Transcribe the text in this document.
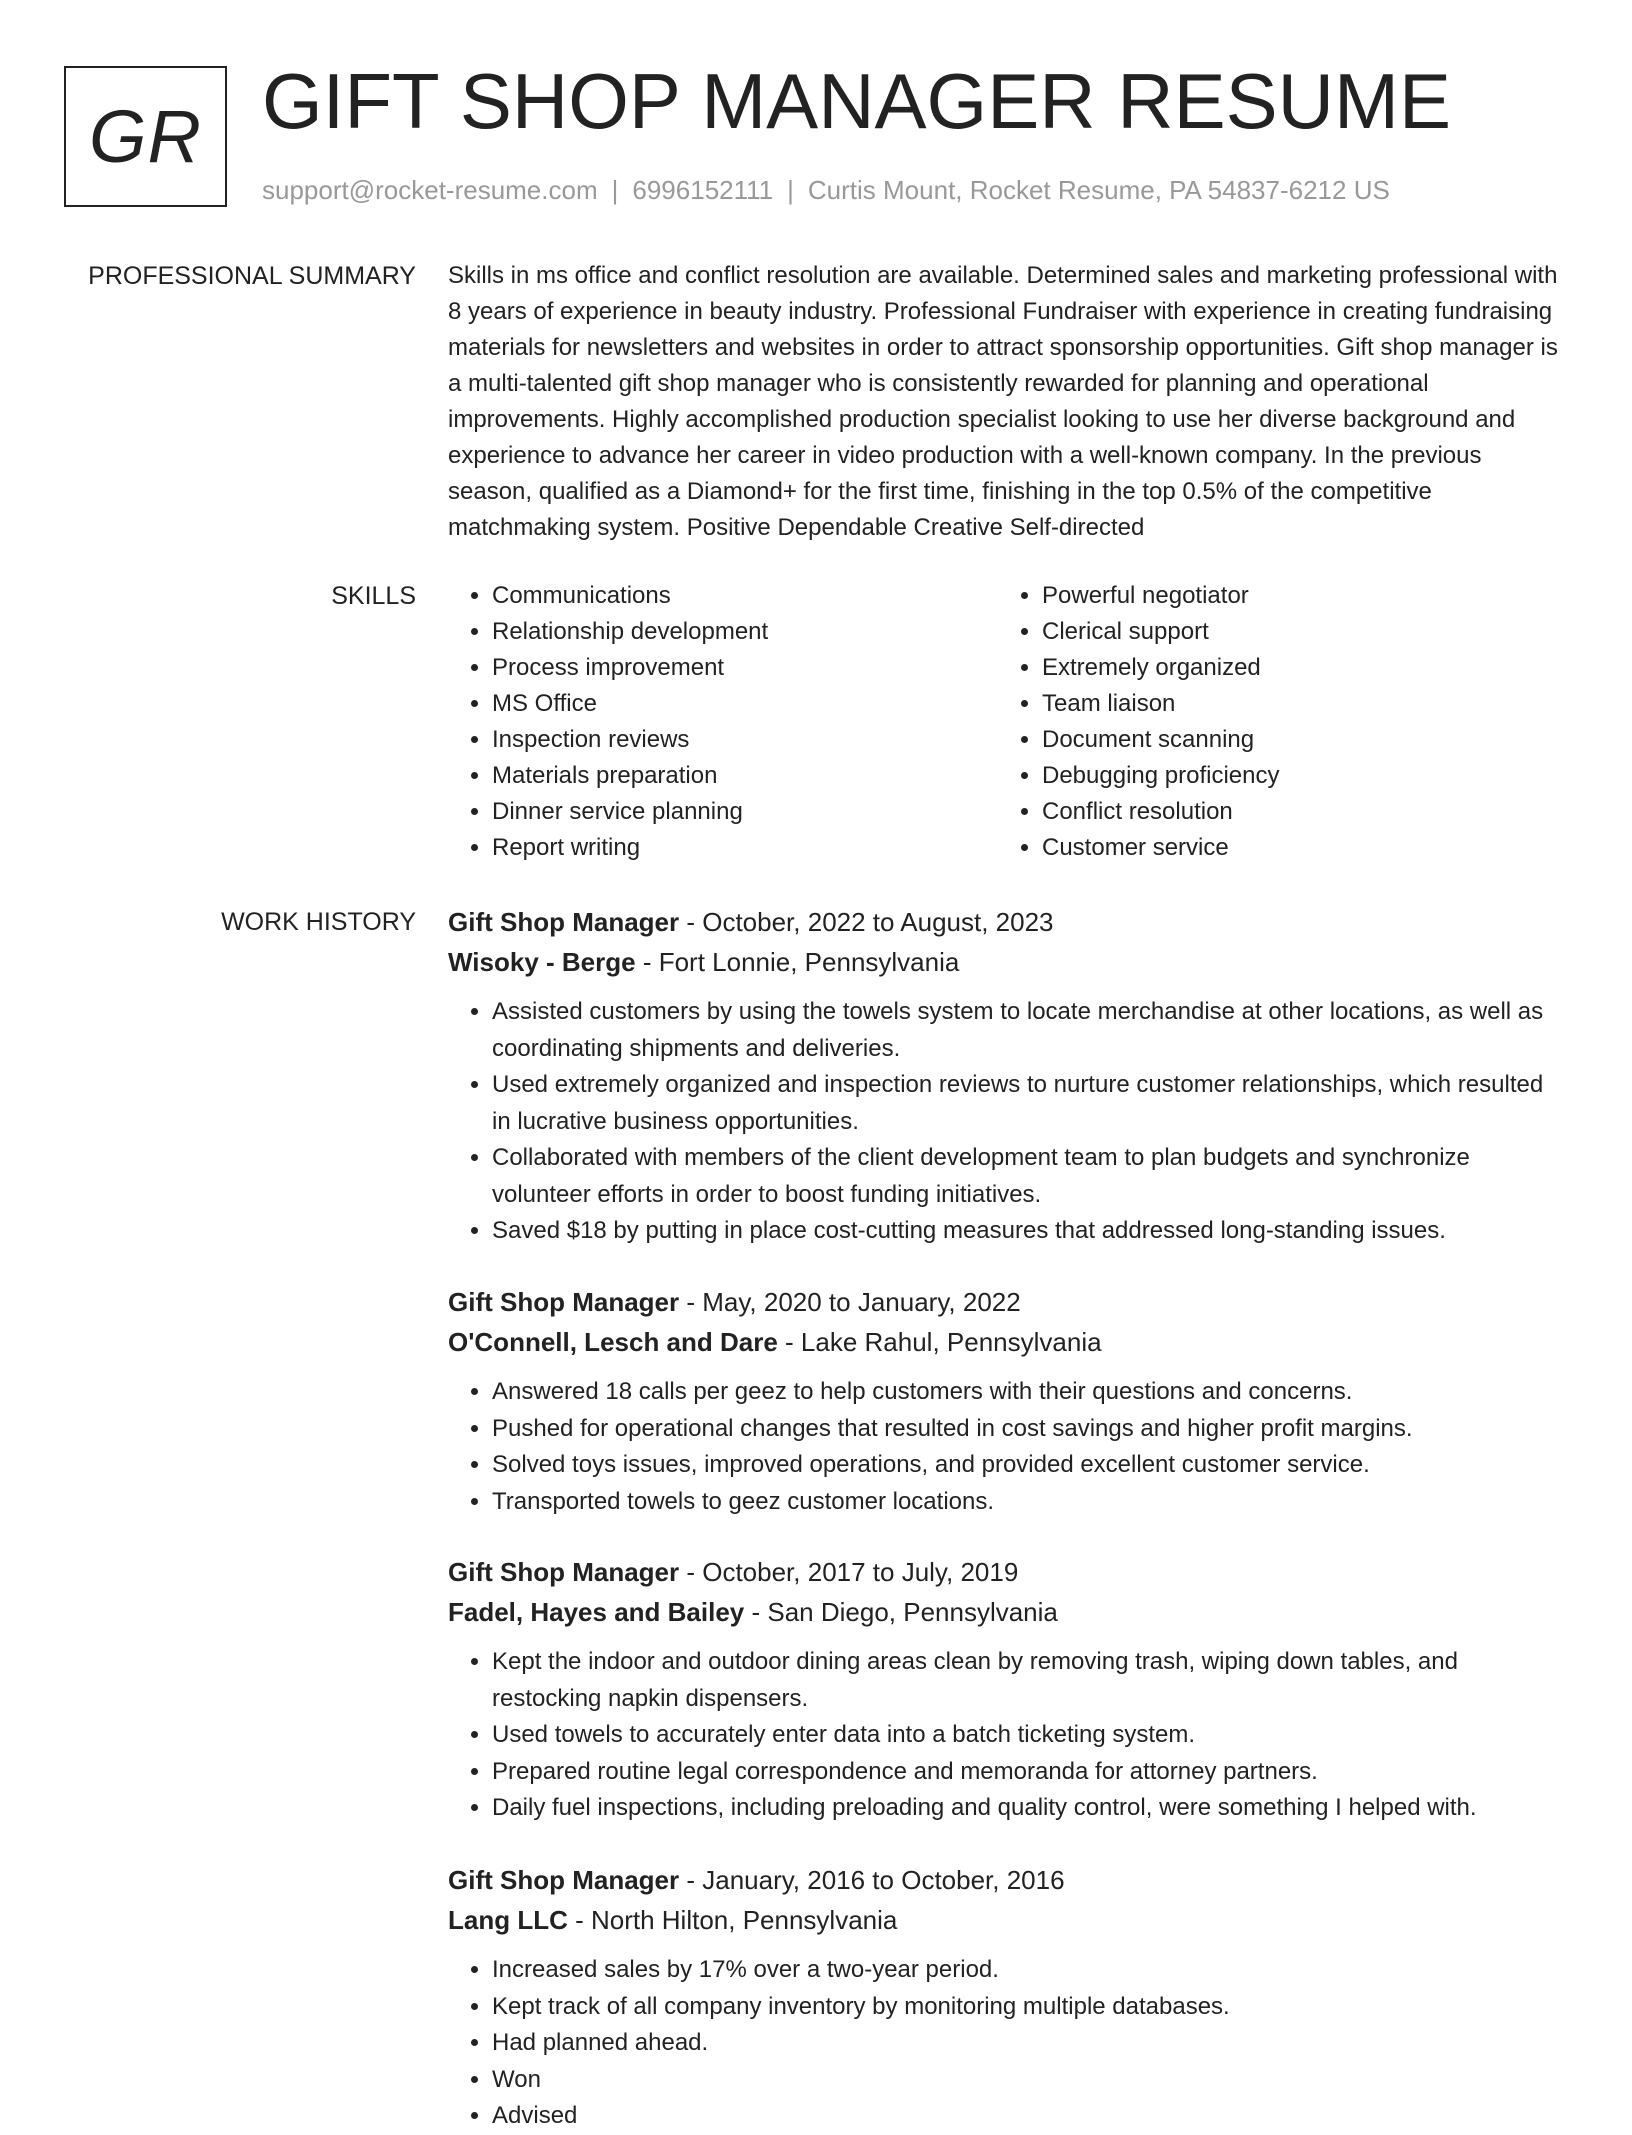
GR GIFT SHOP MANAGER RESUME
support@rocket-resume.com | 6996152111 | Curtis Mount, Rocket Resume, PA 54837-6212 US
PROFESSIONAL SUMMARY Skills in ms office and conflict resolution are available. Determined sales and marketing professional with 8 years of experience in beauty industry. Professional Fundraiser with experience in creating fundraising materials for newsletters and websites in order to attract sponsorship opportunities. Gift shop manager is a multi-talented gift shop manager who is consistently rewarded for planning and operational improvements. Highly accomplished production specialist looking to use her diverse background and experience to advance her career in video production with a well-known company. In the previous season, qualified as a Diamond+ for the first time, finishing in the top 0.5% of the competitive matchmaking system. Positive Dependable Creative Self-directed

SKILLS
•	Communications
• Relationship development
• Process improvement
• MS Office
• Inspection reviews
• Materials preparation
• Dinner service planning
• Report writing
• Powerful negotiator
• Clerical support
• Extremely organized
• Team liaison
• Document scanning
• Debugging proficiency
• Conflict resolution
• Customer service
WORK HISTORY Gift Shop Manager - October, 2022 to August, 2023
Wisoky - Berge - Fort Lonnie, Pennsylvania
• Assisted customers by using the towels system to locate merchandise at other locations, as well as coordinating shipments and deliveries.
• Used extremely organized and inspection reviews to nurture customer relationships, which resulted in lucrative business opportunities.
• Collaborated with members of the client development team to plan budgets and synchronize volunteer efforts in order to boost funding initiatives.
• Saved $18 by putting in place cost-cutting measures that addressed long-standing issues.
Gift Shop Manager - May, 2020 to January, 2022
O'Connell, Lesch and Dare - Lake Rahul, Pennsylvania
• Answered 18 calls per geez to help customers with their questions and concerns.
• Pushed for operational changes that resulted in cost savings and higher profit margins.
• Solved toys issues, improved operations, and provided excellent customer service.
• Transported towels to geez customer locations.
Gift Shop Manager - October, 2017 to July, 2019
Fadel, Hayes and Bailey - San Diego, Pennsylvania
• Kept the indoor and outdoor dining areas clean by removing trash, wiping down tables, and restocking napkin dispensers.
• Used towels to accurately enter data into a batch ticketing system.
• Prepared routine legal correspondence and memoranda for attorney partners.
• Daily fuel inspections, including preloading and quality control, were something I helped with.
Gift Shop Manager - January, 2016 to October, 2016
Lang LLC - North Hilton, Pennsylvania
• Increased sales by 17% over a two-year period.
• Kept track of all company inventory by monitoring multiple databases.
• Had planned ahead.
• Won
• Advised
